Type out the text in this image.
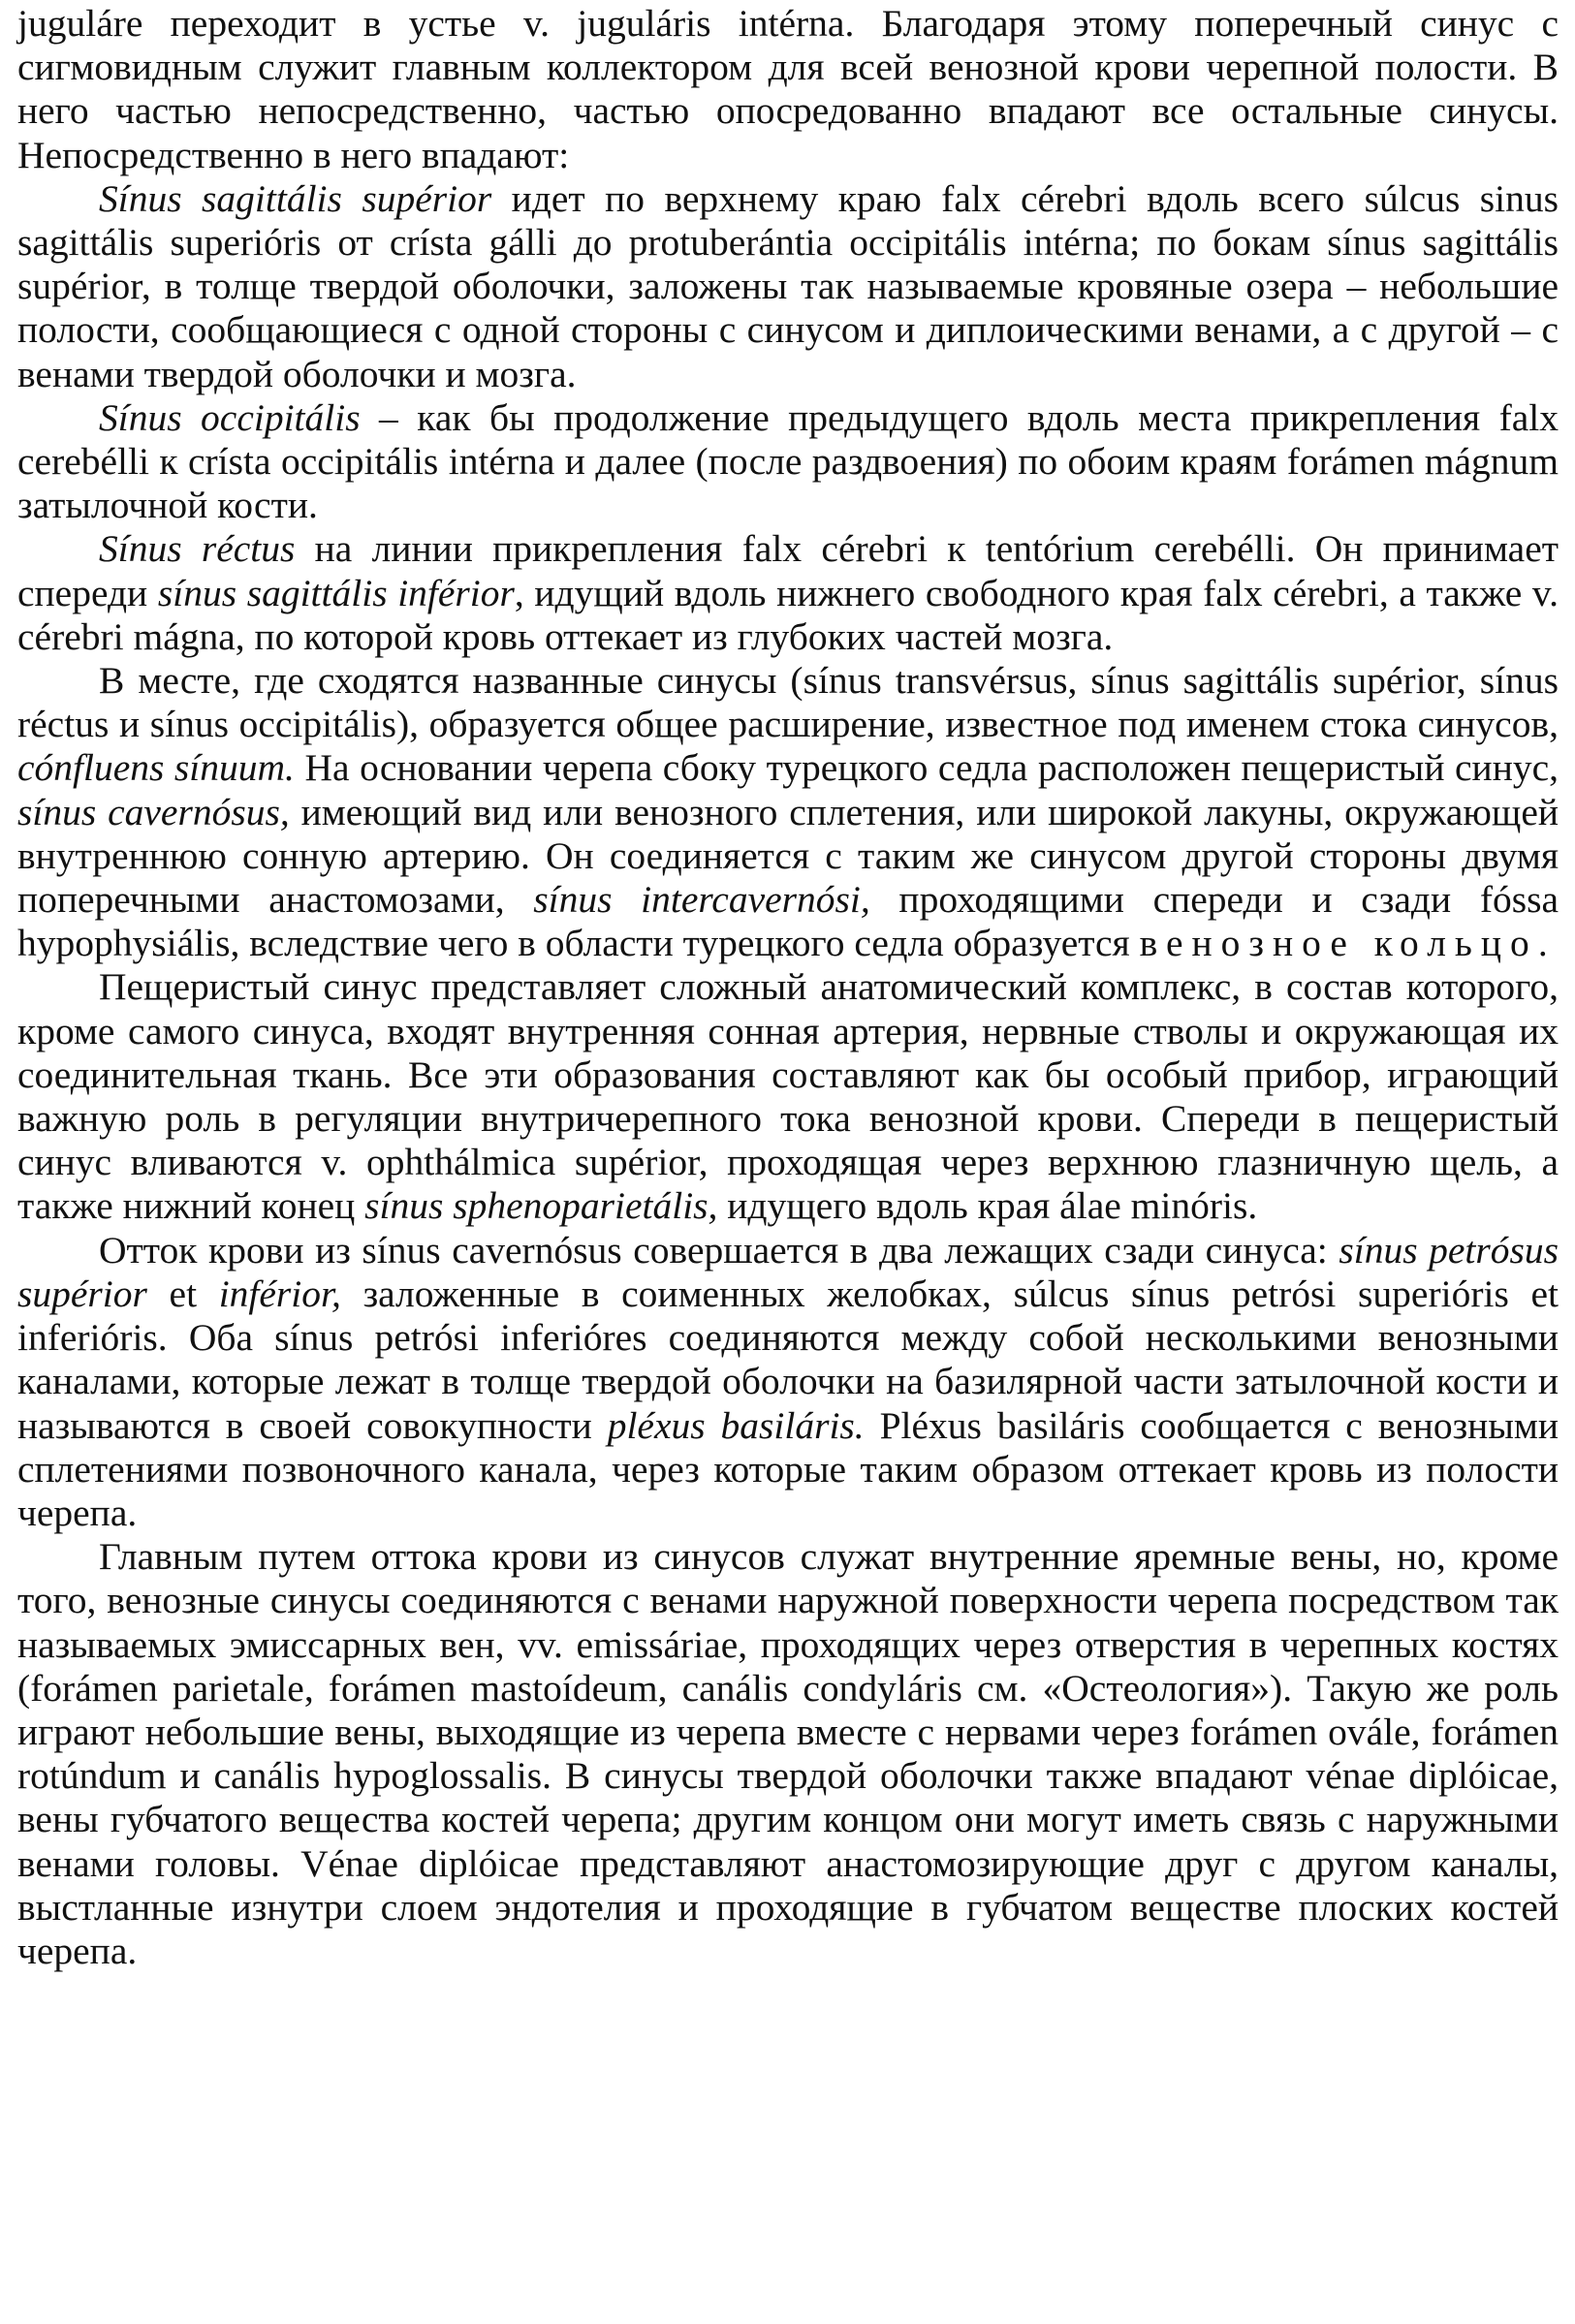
juguláre переходит в устье v. juguláris intérna. Благодаря этому поперечный синус с сигмовидным служит главным коллектором для всей венозной крови черепной полости. В него частью непосредственно, частью опосредованно впадают все остальные синусы. Непосредственно в него впадают:

Sínus sagittális supérior идет по верхнему краю falx cérebri вдоль всего súlcus sinus sagittális superióris от crísta gálli до protuberántia occipitális intérna; по бокам sínus sagittális supérior, в толще твердой оболочки, заложены так называемые кровяные озера – небольшие полости, сообщающиеся с одной стороны с синусом и диплоическими венами, а с другой – с венами твердой оболочки и мозга.

Sínus occipitális – как бы продолжение предыдущего вдоль места прикрепления falx cerebélli к crísta occipitális intérna и далее (после раздвоения) по обоим краям forámen mágnum затылочной кости.

Sínus réctus на линии прикрепления falx cérebri к tentórium cerebélli. Он принимает спереди sínus sagittális inférior, идущий вдоль нижнего свободного края falx cérebri, а также v. cérebri mágna, по которой кровь оттекает из глубоких частей мозга.

В месте, где сходятся названные синусы (sínus transvérsus, sínus sagittális supérior, sínus réctus и sínus occipitális), образуется общее расширение, известное под именем стока синусов, cónfluens sínuum. На основании черепа сбоку турецкого седла расположен пещеристый синус, sínus cavernósus, имеющий вид или венозного сплетения, или широкой лакуны, окружающей внутреннюю сонную артерию. Он соединяется с таким же синусом другой стороны двумя поперечными анастомозами, sínus intercavernósi, проходящими спереди и сзади fóssa hypophysiális, вследствие чего в области турецкого седла образуется венозное кольцо.

Пещеристый синус представляет сложный анатомический комплекс, в состав которого, кроме самого синуса, входят внутренняя сонная артерия, нервные стволы и окружающая их соединительная ткань. Все эти образования составляют как бы особый прибор, играющий важную роль в регуляции внутричерепного тока венозной крови. Спереди в пещеристый синус вливаются v. ophthálmica supérior, проходящая через верхнюю глазничную щель, а также нижний конец sínus sphenoparietális, идущего вдоль края álae minóris.

Отток крови из sínus cavernósus совершается в два лежащих сзади синуса: sínus petrósus supérior et inférior, заложенные в соименных желобках, súlcus sínus petrósi superióris et inferióris. Оба sínus petrósi inferióres соединяются между собой несколькими венозными каналами, которые лежат в толще твердой оболочки на базилярной части затылочной кости и называются в своей совокупности pléxus basiláris. Pléxus basiláris сообщается с венозными сплетениями позвоночного канала, через которые таким образом оттекает кровь из полости черепа.

Главным путем оттока крови из синусов служат внутренние яремные вены, но, кроме того, венозные синусы соединяются с венами наружной поверхности черепа посредством так называемых эмиссарных вен, vv. emissáriae, проходящих через отверстия в черепных костях (forámen parietale, forámen mastoídeum, canális condyláris см. «Остеология»). Такую же роль играют небольшие вены, выходящие из черепа вместе с нервами через forámen ovále, forámen rotúndum и canális hypoglossalis. В синусы твердой оболочки также впадают vénae diplóicae, вены губчатого вещества костей черепа; другим концом они могут иметь связь с наружными венами головы. Vénae diplóicae представляют анастомозирующие друг с другом каналы, выстланные изнутри слоем эндотелия и проходящие в губчатом веществе плоских костей черепа.
